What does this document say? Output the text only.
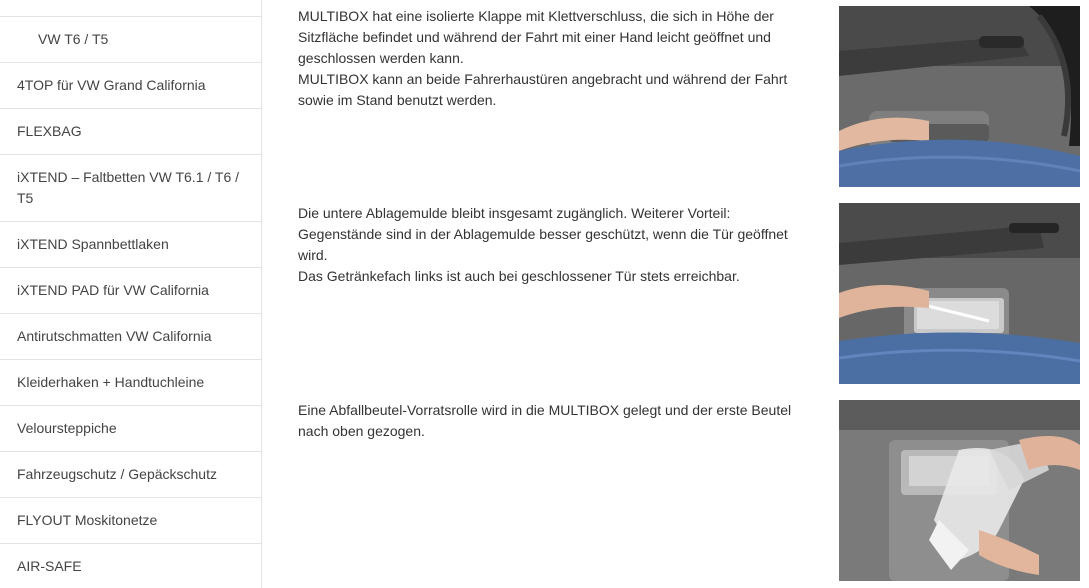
VW T6 / T5
4TOP für VW Grand California
FLEXBAG
iXTEND – Faltbetten VW T6.1 / T6 / T5
iXTEND Spannbettlaken
iXTEND PAD für VW California
Antirutschmatten VW California
Kleiderhaken + Handtuchleine
Veloursteppiche
Fahrzeugschutz / Gepäckschutz
FLYOUT Moskitonetze
AIR-SAFE

MULTIBOX hat eine isolierte Klappe mit Klettverschluss, die sich in Höhe der
Sitzfläche befindet und während der Fahrt mit einer Hand leicht geöffnet und
geschlossen werden kann.
MULTIBOX kann an beide Fahrerhaustüren angebracht und während der Fahrt
sowie im Stand benutzt werden.

Die untere Ablagemulde bleibt insgesamt zugänglich. Weiterer Vorteil:
Gegenstände sind in der Ablagemulde besser geschützt, wenn die Tür geöffnet
wird.
Das Getränkefach links ist auch bei geschlossener Tür stets erreichbar.

Eine Abfallbeutel-Vorratsrolle wird in die MULTIBOX gelegt und der erste Beutel
nach oben gezogen.
